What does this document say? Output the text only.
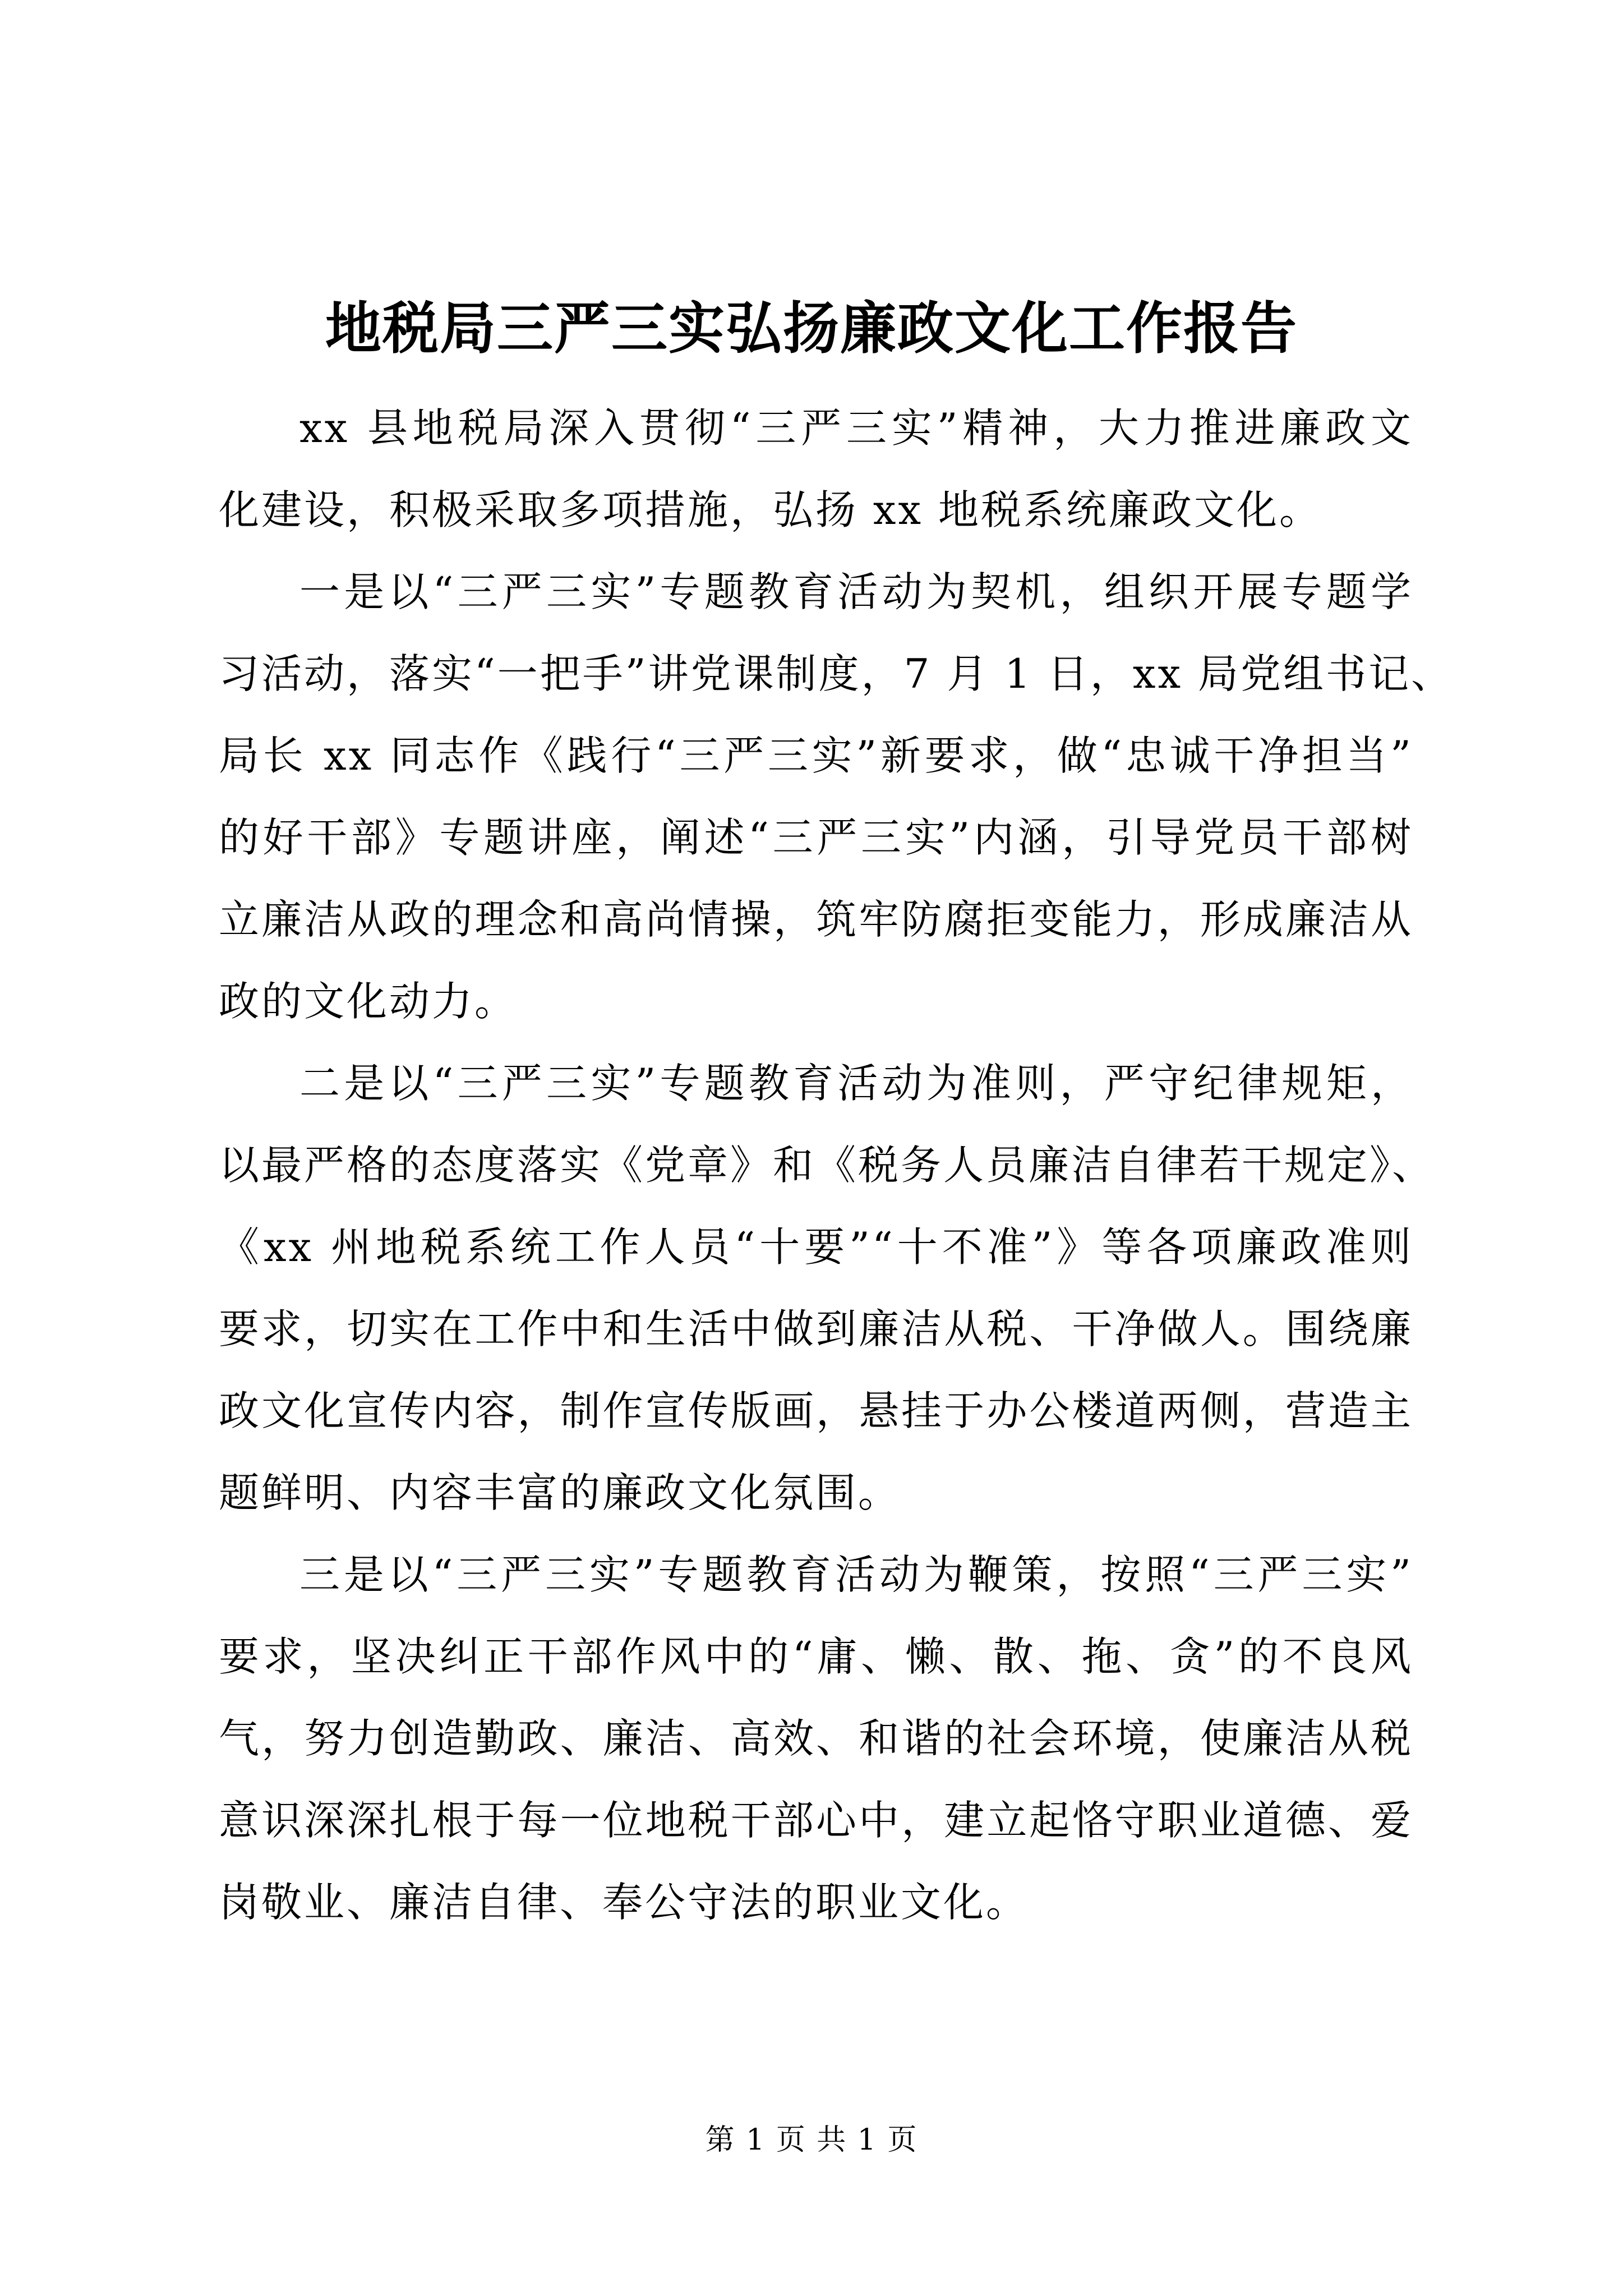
地税局三严三实弘扬廉政文化工作报告

xx 县地税局深入贯彻“三严三实”精神，大力推进廉政文
化建设，积极采取多项措施，弘扬 xx 地税系统廉政文化。

一是以“三严三实”专题教育活动为契机，组织开展专题学
习活动，落实“一把手”讲党课制度，7 月 1 日，xx 局党组书记、
局长 xx 同志作《践行“三严三实”新要求，做“忠诚干净担当”
的好干部》专题讲座，阐述“三严三实”内涵，引导党员干部树
立廉洁从政的理念和高尚情操，筑牢防腐拒变能力，形成廉洁从
政的文化动力。

二是以“三严三实”专题教育活动为准则，严守纪律规矩，
以最严格的态度落实《党章》和《税务人员廉洁自律若干规定》、
《xx 州地税系统工作人员“十要”“十不准”》等各项廉政准则
要求，切实在工作中和生活中做到廉洁从税、干净做人。围绕廉
政文化宣传内容，制作宣传版画，悬挂于办公楼道两侧，营造主
题鲜明、内容丰富的廉政文化氛围。

三是以“三严三实”专题教育活动为鞭策，按照“三严三实”
要求，坚决纠正干部作风中的“庸、懒、散、拖、贪”的不良风
气，努力创造勤政、廉洁、高效、和谐的社会环境，使廉洁从税
意识深深扎根于每一位地税干部心中，建立起恪守职业道德、爱
岗敬业、廉洁自律、奉公守法的职业文化。

第 1 页 共 1 页
